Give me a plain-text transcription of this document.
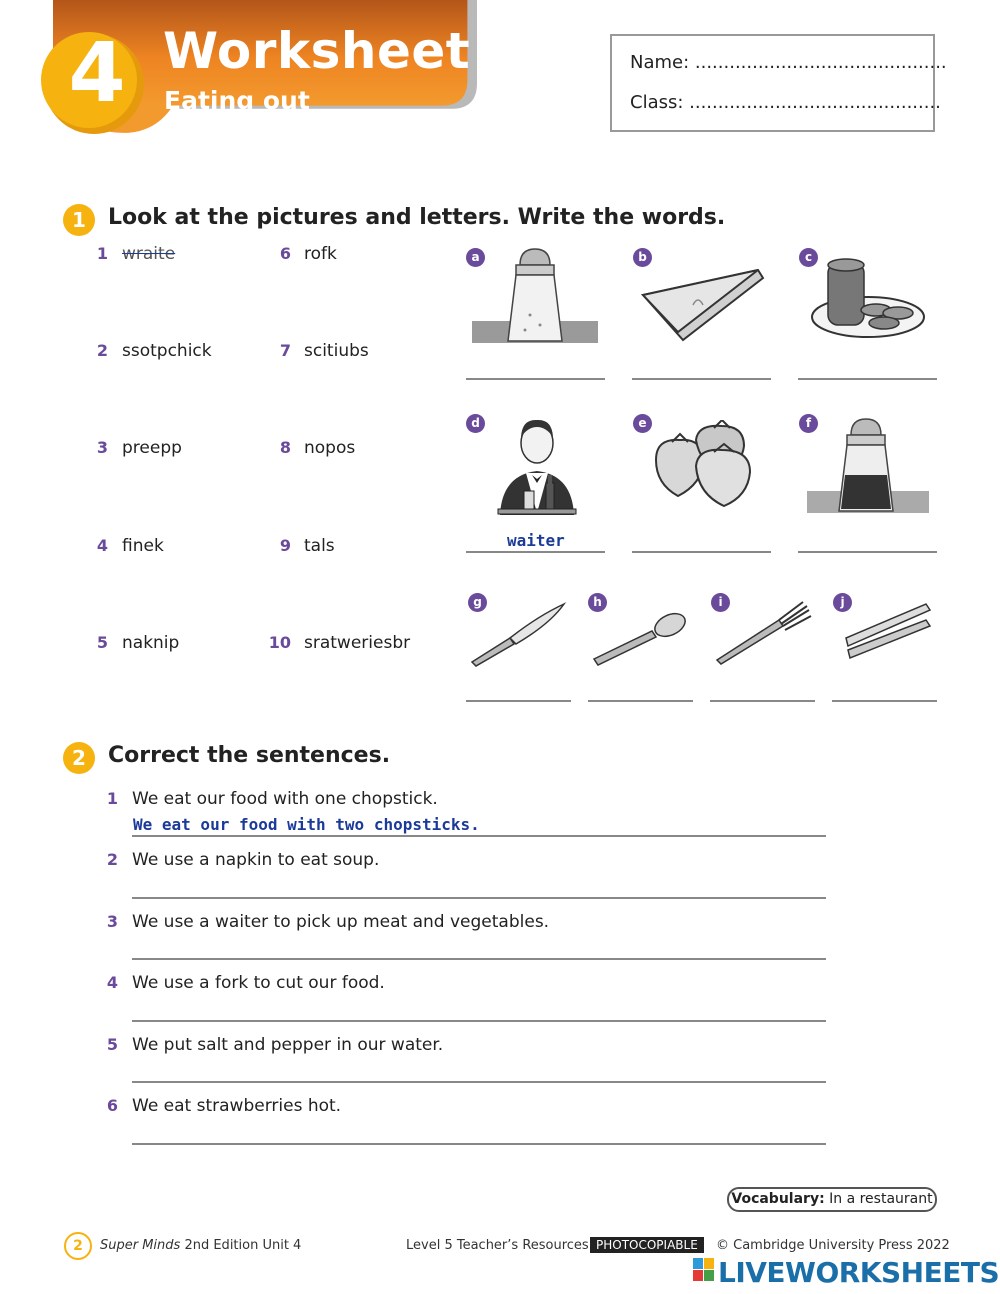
4 Worksheet 1
Eating out
Name: ............................................
Class: ............................................
1	Look at the pictures and letters. Write the words.
1 wraite
2 ssotpchick
3 preepp
4 finek
5 naknip
6 rofk
7 scitiubs
8 nopos
9 tals
10 sratweriesbr
a	b	c
d
waiter
e	f
g	h	i	j
2	Correct the sentences.
1 We eat our food with one chopstick.
We eat our food with two chopsticks.
2 We use a napkin to eat soup.
3 We use a waiter to pick up meat and vegetables.
4 We use a fork to cut our food.
5 We put salt and pepper in our water.
6 We eat strawberries hot.
Vocabulary: In a restaurant
2	Super Minds 2nd Edition Unit 4	Level 5 Teacher’s Resources PHOTOCOPIABLE	© Cambridge University Press 2022
LIVEWORKSHEETS
